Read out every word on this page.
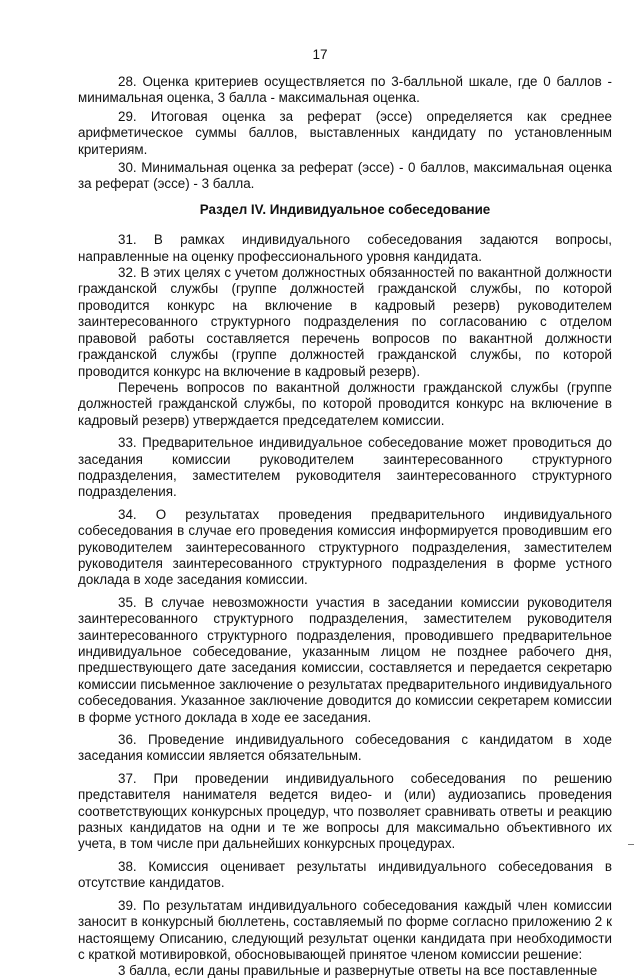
17

28. Оценка критериев осуществляется по 3-балльной шкале, где 0 баллов - минимальная оценка, 3 балла - максимальная оценка.

29. Итоговая оценка за реферат (эссе) определяется как среднее арифметическое суммы баллов, выставленных кандидату по установленным критериям.

30. Минимальная оценка за реферат (эссе) - 0 баллов, максимальная оценка за реферат (эссе) - 3 балла.

Раздел IV. Индивидуальное собеседование

31. В рамках индивидуального собеседования задаются вопросы, направленные на оценку профессионального уровня кандидата.

32. В этих целях с учетом должностных обязанностей по вакантной должности гражданской службы (группе должностей гражданской службы, по которой проводится конкурс на включение в кадровый резерв) руководителем заинтересованного структурного подразделения по согласованию с отделом правовой работы составляется перечень вопросов по вакантной должности гражданской службы (группе должностей гражданской службы, по которой проводится конкурс на включение в кадровый резерв).

Перечень вопросов по вакантной должности гражданской службы (группе должностей гражданской службы, по которой проводится конкурс на включение в кадровый резерв) утверждается председателем комиссии.

33. Предварительное индивидуальное собеседование может проводиться до заседания комиссии руководителем заинтересованного структурного подразделения, заместителем руководителя заинтересованного структурного подразделения.

34. О результатах проведения предварительного индивидуального собеседования в случае его проведения комиссия информируется проводившим его руководителем заинтересованного структурного подразделения, заместителем руководителя заинтересованного структурного подразделения в форме устного доклада в ходе заседания комиссии.

35. В случае невозможности участия в заседании комиссии руководителя заинтересованного структурного подразделения, заместителем руководителя заинтересованного структурного подразделения, проводившего предварительное индивидуальное собеседование, указанным лицом не позднее рабочего дня, предшествующего дате заседания комиссии, составляется и передается секретарю комиссии письменное заключение о результатах предварительного индивидуального собеседования. Указанное заключение доводится до комиссии секретарем комиссии в форме устного доклада в ходе ее заседания.

36. Проведение индивидуального собеседования с кандидатом в ходе заседания комиссии является обязательным.

37. При проведении индивидуального собеседования по решению представителя нанимателя ведется видео- и (или) аудиозапись проведения соответствующих конкурсных процедур, что позволяет сравнивать ответы и реакцию разных кандидатов на одни и те же вопросы для максимально объективного их учета, в том числе при дальнейших конкурсных процедурах.

38. Комиссия оценивает результаты индивидуального собеседования в отсутствие кандидатов.

39. По результатам индивидуального собеседования каждый член комиссии заносит в конкурсный бюллетень, составляемый по форме согласно приложению 2 к настоящему Описанию, следующий результат оценки кандидата при необходимости с краткой мотивировкой, обосновывающей принятое членом комиссии решение:

3 балла, если даны правильные и развернутые ответы на все поставленные
